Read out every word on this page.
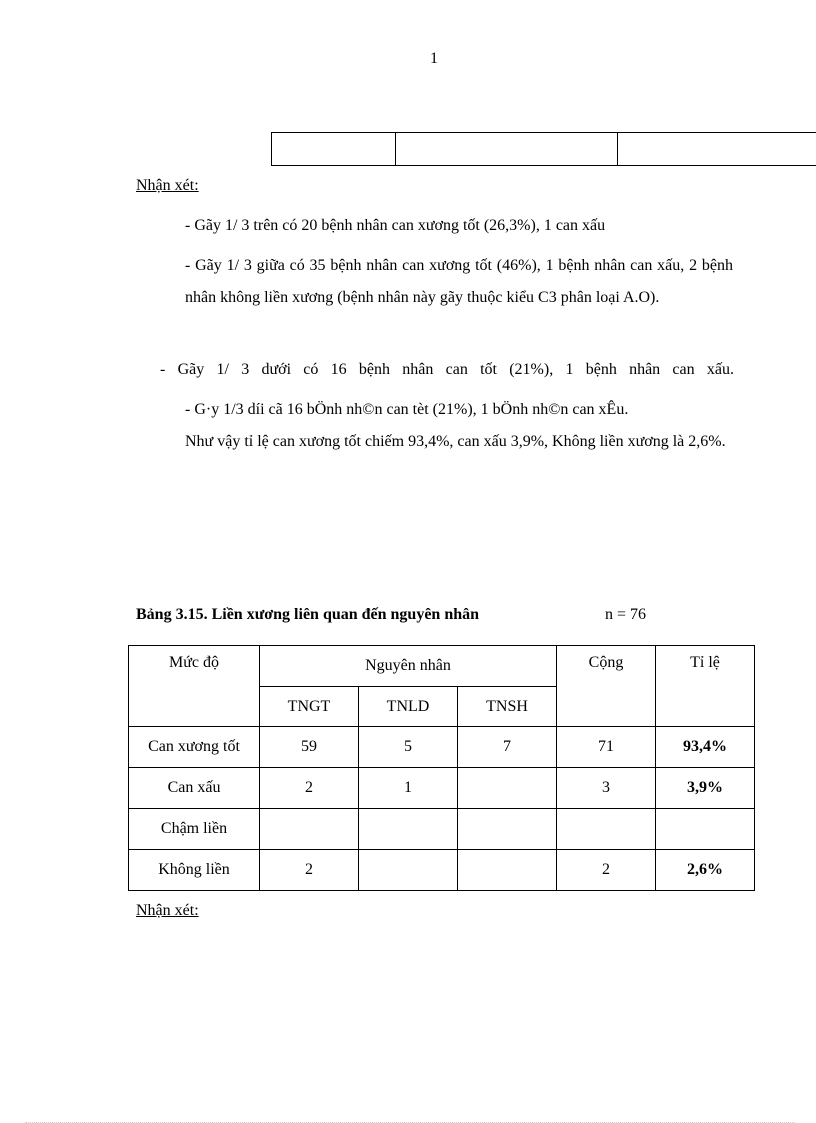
1
Nhận xét:
- Gãy 1/ 3 trên có 20 bệnh nhân can xương tốt (26,3%), 1 can xấu
- Gãy 1/ 3 giữa có 35 bệnh nhân can xương tốt (46%), 1 bệnh nhân can xấu, 2 bệnh nhân không liền xương (bệnh nhân này gãy thuộc kiểu C3 phân loại A.O).
- Gãy 1/ 3 dưới có 16 bệnh nhân can tốt (21%), 1 bệnh nhân can xấu.
- G·y 1/3 díi cã 16 bÖnh nh©n can tèt (21%), 1 bÖnh nh©n can xÊu.
Như vậy tỉ lệ can xương tốt chiếm 93,4%, can xấu 3,9%, Không liền xương là 2,6%.
Bảng 3.15. Liền xương liên quan đến nguyên nhân	n = 76
Mức độ	Nguyên nhân			Cộng	Tỉ lệ
	TNGT	TNLD	TNSH		
Can xương tốt	59	5	7	71	93,4%
Can xấu	2	1		3	3,9%
Chậm liền					
Không liền	2			2	2,6%
Nhận xét:
